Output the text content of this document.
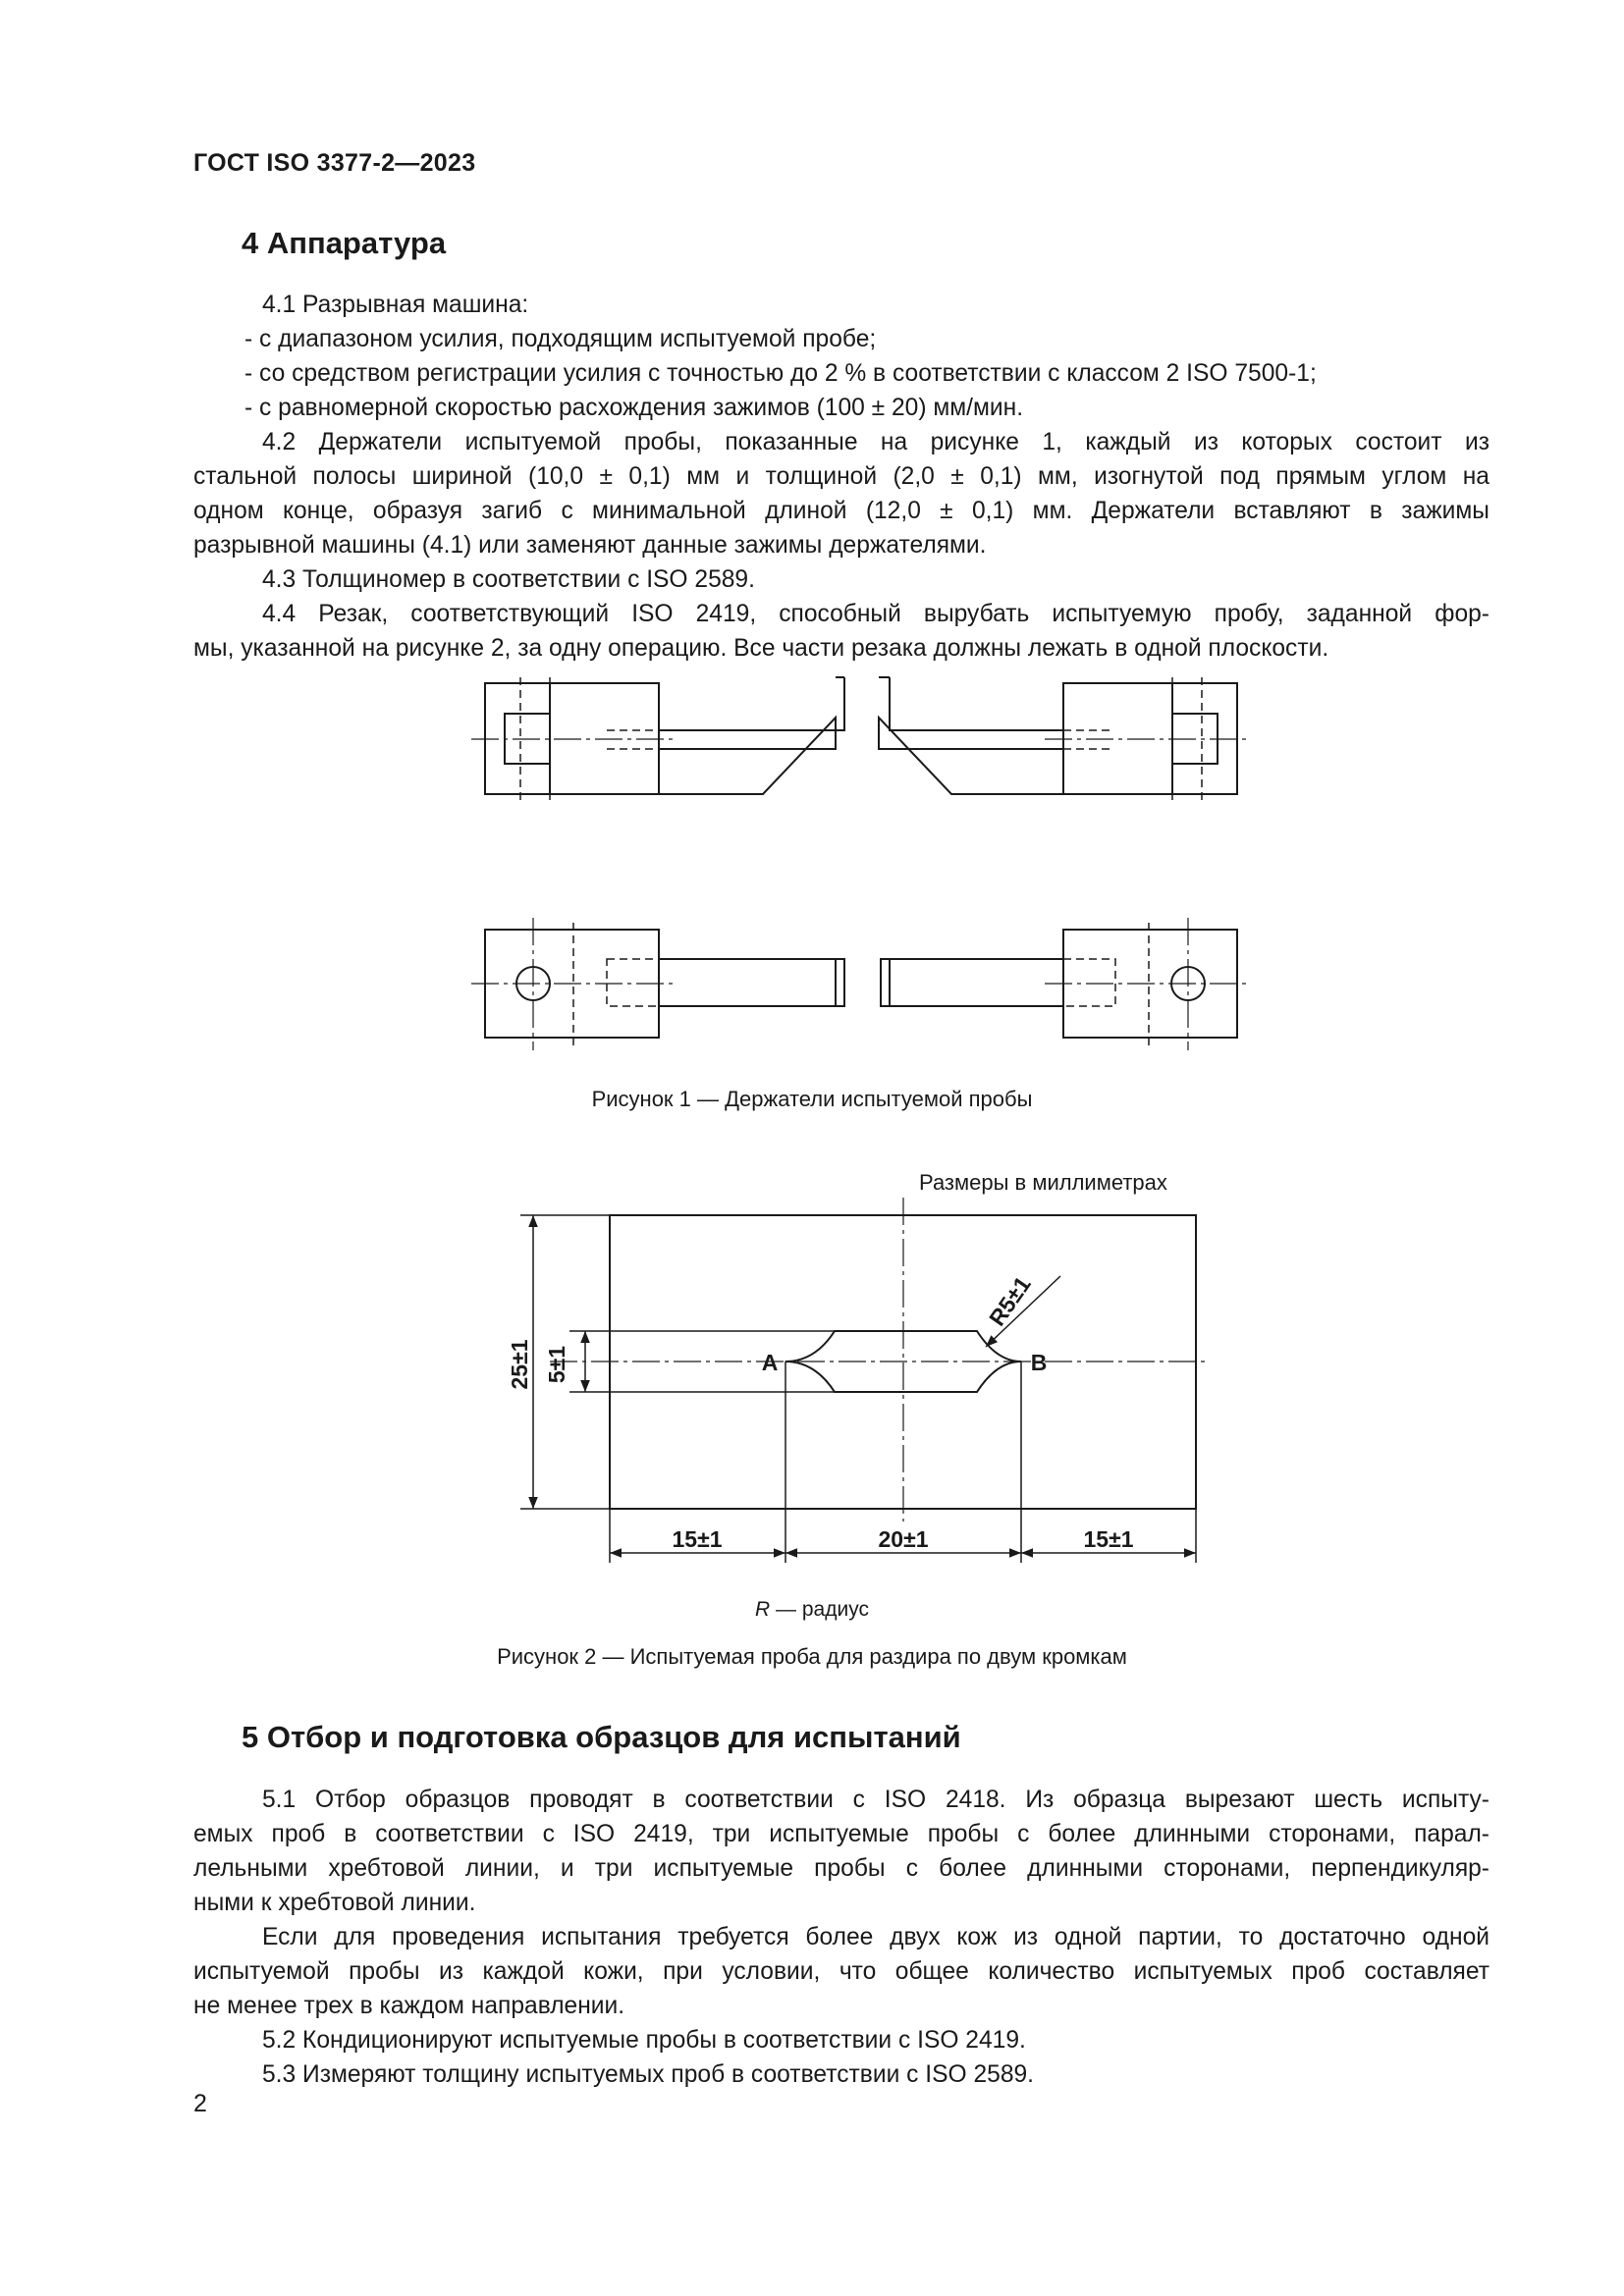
ГОСТ ISO 3377-2—2023
4 Аппаратура

4.1 Разрывная машина:

- с диапазоном усилия, подходящим испытуемой пробе;

- со средством регистрации усилия с точностью до 2 % в соответствии с классом 2 ISO 7500-1;

- с равномерной скоростью расхождения зажимов (100 ± 20) мм/мин.

4.2 Держатели испытуемой пробы, показанные на рисунке 1, каждый из которых состоит из

стальной полосы шириной (10,0 ± 0,1) мм и толщиной (2,0 ± 0,1) мм, изогнутой под прямым углом на

одном конце, образуя загиб с минимальной длиной (12,0 ± 0,1) мм. Держатели вставляют в зажимы

разрывной машины (4.1) или заменяют данные зажимы держателями.

4.3 Толщиномер в соответствии с ISO 2589.

4.4 Резак, соответствующий ISO 2419, способный вырубать испытуемую пробу, заданной фор-

мы, указанной на рисунке 2, за одну операцию. Все части резака должны лежать в одной плоскости.

Рисунок 1 — Держатели испытуемой пробы
Размеры в миллиметрах
25±1 5±1
R5±1
A	B
15±1	20±1	15±1
R — радиус
Рисунок 2 — Испытуемая проба для раздира по двум кромкам
5 Отбор и подготовка образцов для испытаний

5.1 Отбор образцов проводят в соответствии с ISO 2418. Из образца вырезают шесть испыту-

емых проб в соответствии с ISO 2419, три испытуемые пробы с более длинными сторонами, парал-

лельными хребтовой линии, и три испытуемые пробы с более длинными сторонами, перпендикуляр-

ными к хребтовой линии.

Если для проведения испытания требуется более двух кож из одной партии, то достаточно одной

испытуемой пробы из каждой кожи, при условии, что общее количество испытуемых проб составляет

не менее трех в каждом направлении.

5.2 Кондиционируют испытуемые пробы в соответствии с ISO 2419.

5.3 Измеряют толщину испытуемых проб в соответствии с ISO 2589.

2
